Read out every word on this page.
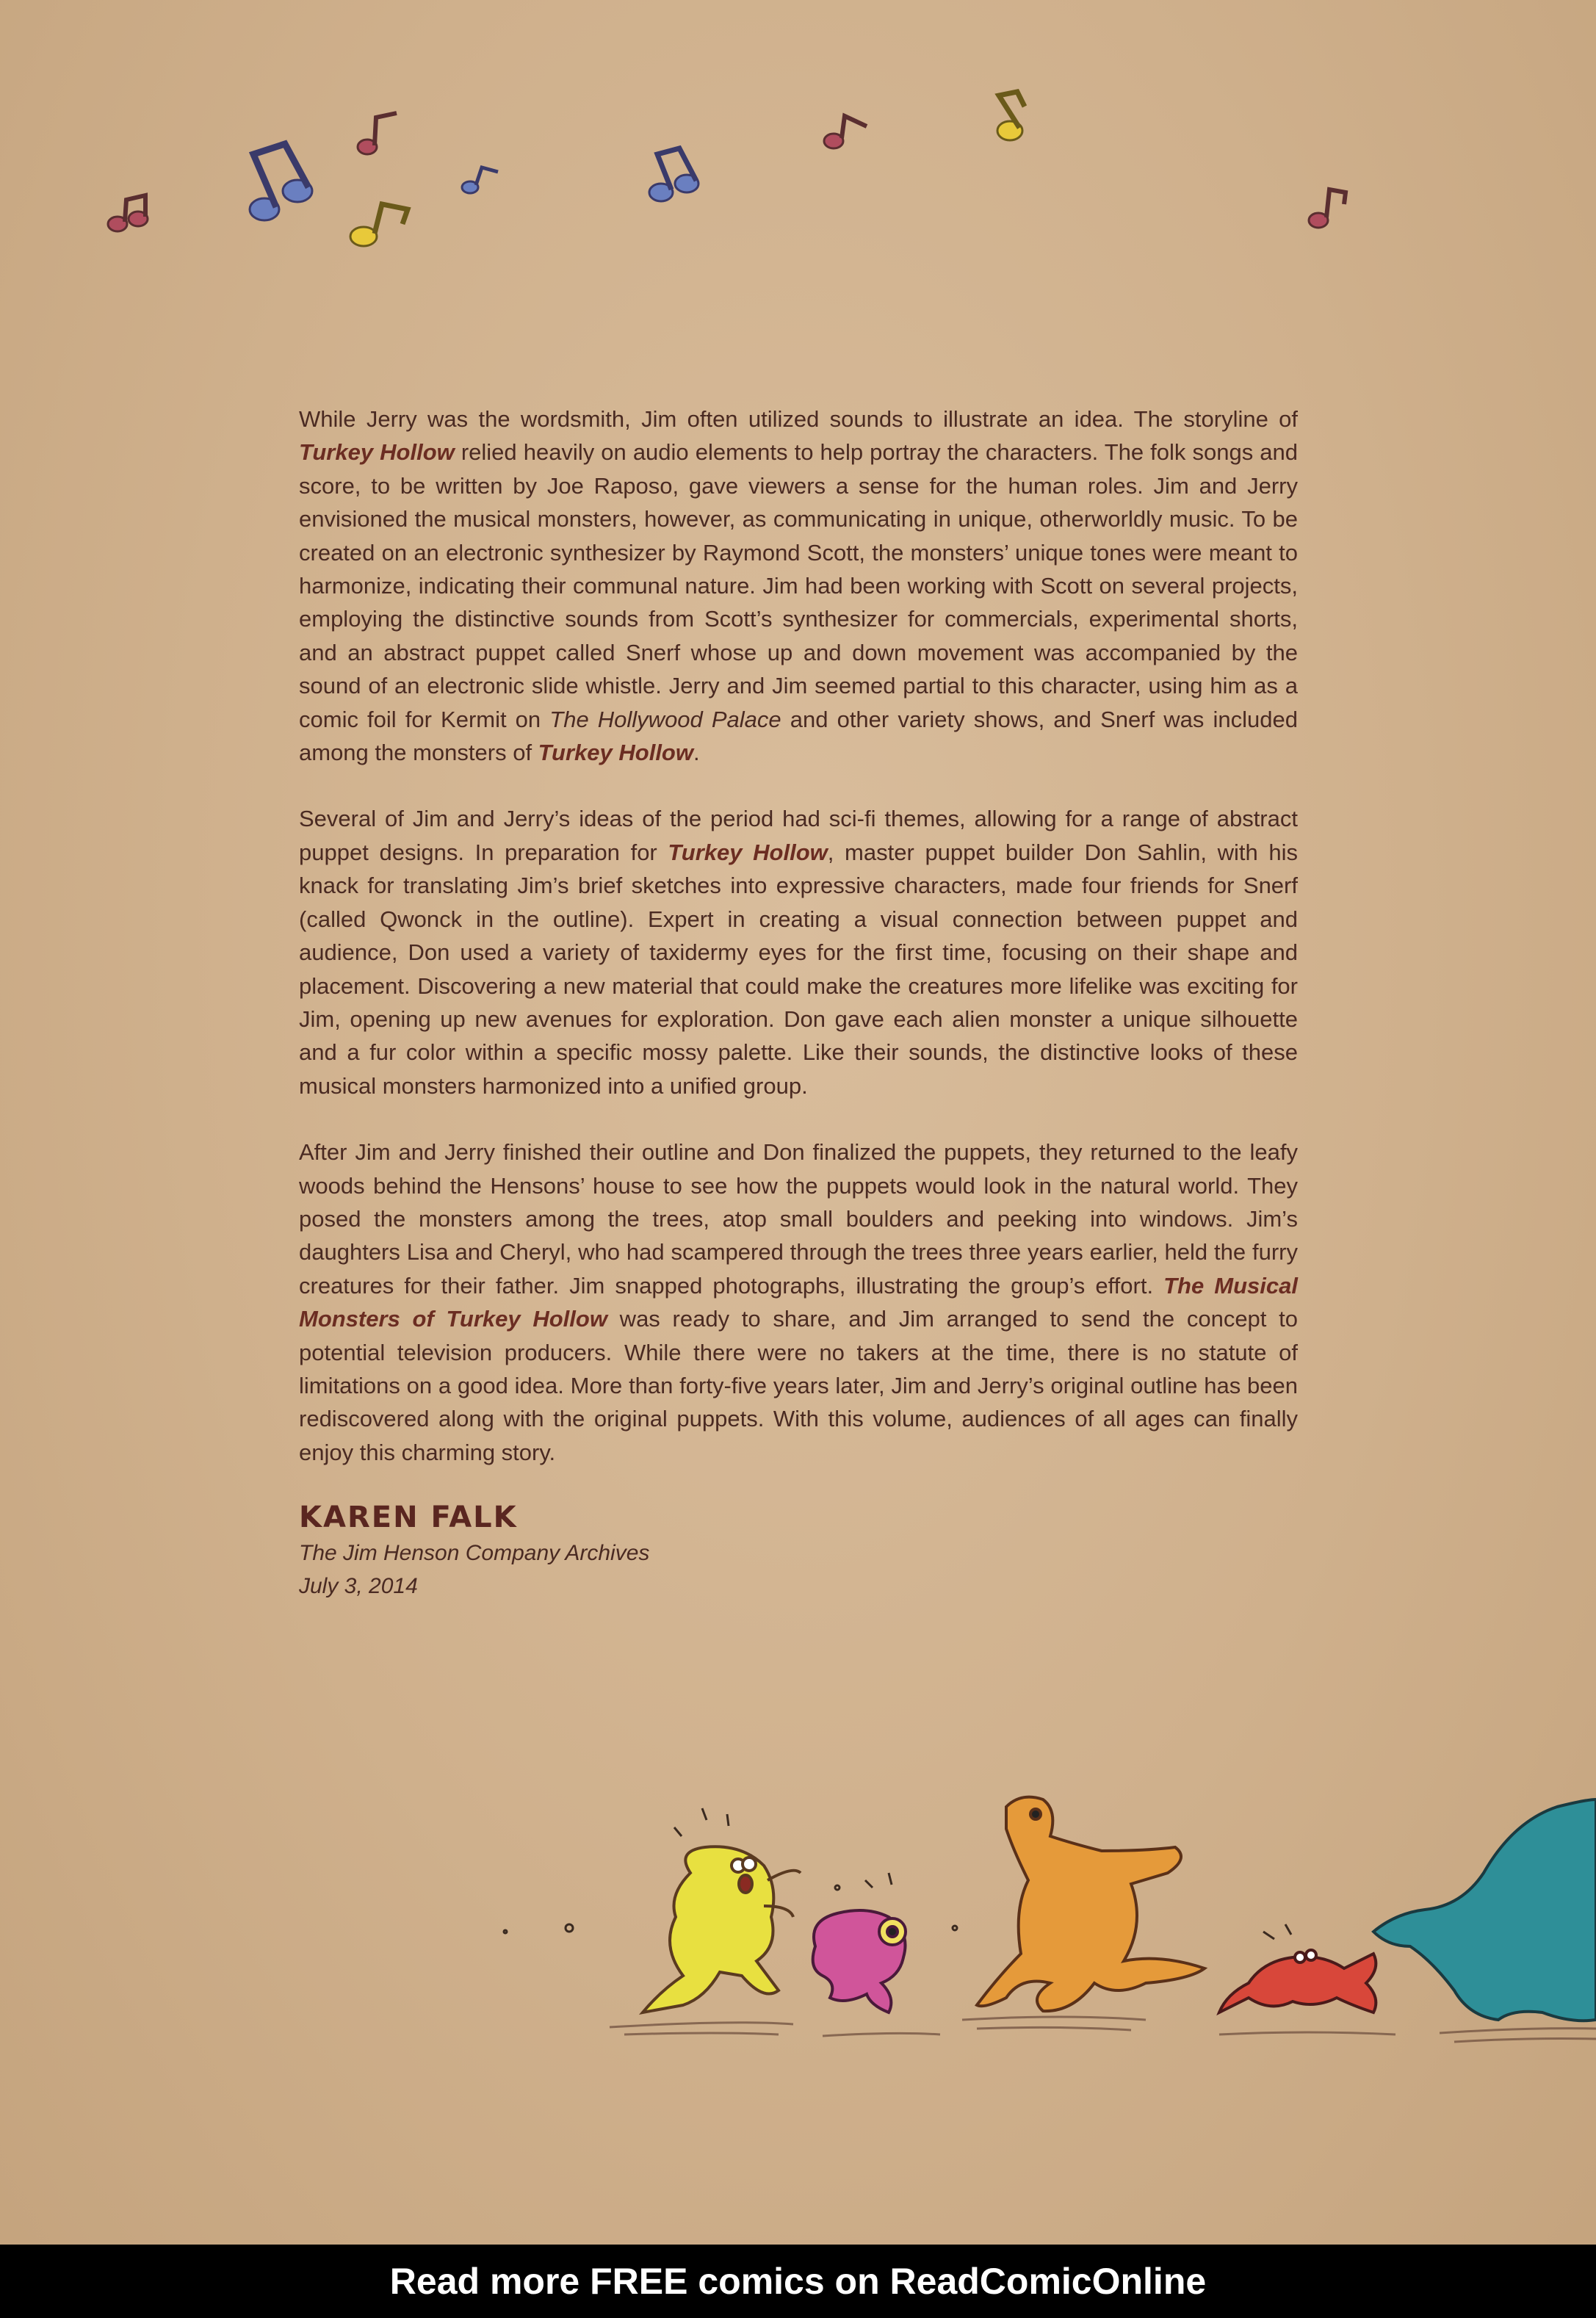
While Jerry was the wordsmith, Jim often utilized sounds to illustrate an idea. The storyline of Turkey Hollow relied heavily on audio elements to help portray the characters. The folk songs and score, to be written by Joe Raposo, gave viewers a sense for the human roles. Jim and Jerry envisioned the musical monsters, however, as communicating in unique, otherworldly music. To be created on an electronic synthesizer by Raymond Scott, the monsters’ unique tones were meant to harmonize, indicating their communal nature. Jim had been working with Scott on several projects, employing the distinctive sounds from Scott’s synthesizer for commercials, experimental shorts, and an abstract puppet called Snerf whose up and down movement was accompanied by the sound of an electronic slide whistle. Jerry and Jim seemed partial to this character, using him as a comic foil for Kermit on The Hollywood Palace and other variety shows, and Snerf was included among the monsters of Turkey Hollow.

Several of Jim and Jerry’s ideas of the period had sci-fi themes, allowing for a range of abstract puppet designs. In preparation for Turkey Hollow, master puppet builder Don Sahlin, with his knack for translating Jim’s brief sketches into expressive characters, made four friends for Snerf (called Qwonck in the outline). Expert in creating a visual connection between puppet and audience, Don used a variety of taxidermy eyes for the first time, focusing on their shape and placement. Discovering a new material that could make the creatures more lifelike was exciting for Jim, opening up new avenues for exploration. Don gave each alien monster a unique silhouette and a fur color within a specific mossy palette. Like their sounds, the distinctive looks of these musical monsters harmonized into a unified group.

After Jim and Jerry finished their outline and Don finalized the puppets, they returned to the leafy woods behind the Hensons’ house to see how the puppets would look in the natural world. They posed the monsters among the trees, atop small boulders and peeking into windows. Jim’s daughters Lisa and Cheryl, who had scampered through the trees three years earlier, held the furry creatures for their father. Jim snapped photographs, illustrating the group’s effort. The Musical Monsters of Turkey Hollow was ready to share, and Jim arranged to send the concept to potential television producers. While there were no takers at the time, there is no statute of limitations on a good idea. More than forty-five years later, Jim and Jerry’s original outline has been rediscovered along with the original puppets. With this volume, audiences of all ages can finally enjoy this charming story.

KAREN FALK
The Jim Henson Company Archives
July 3, 2014
Read more FREE comics on ReadComicOnline
